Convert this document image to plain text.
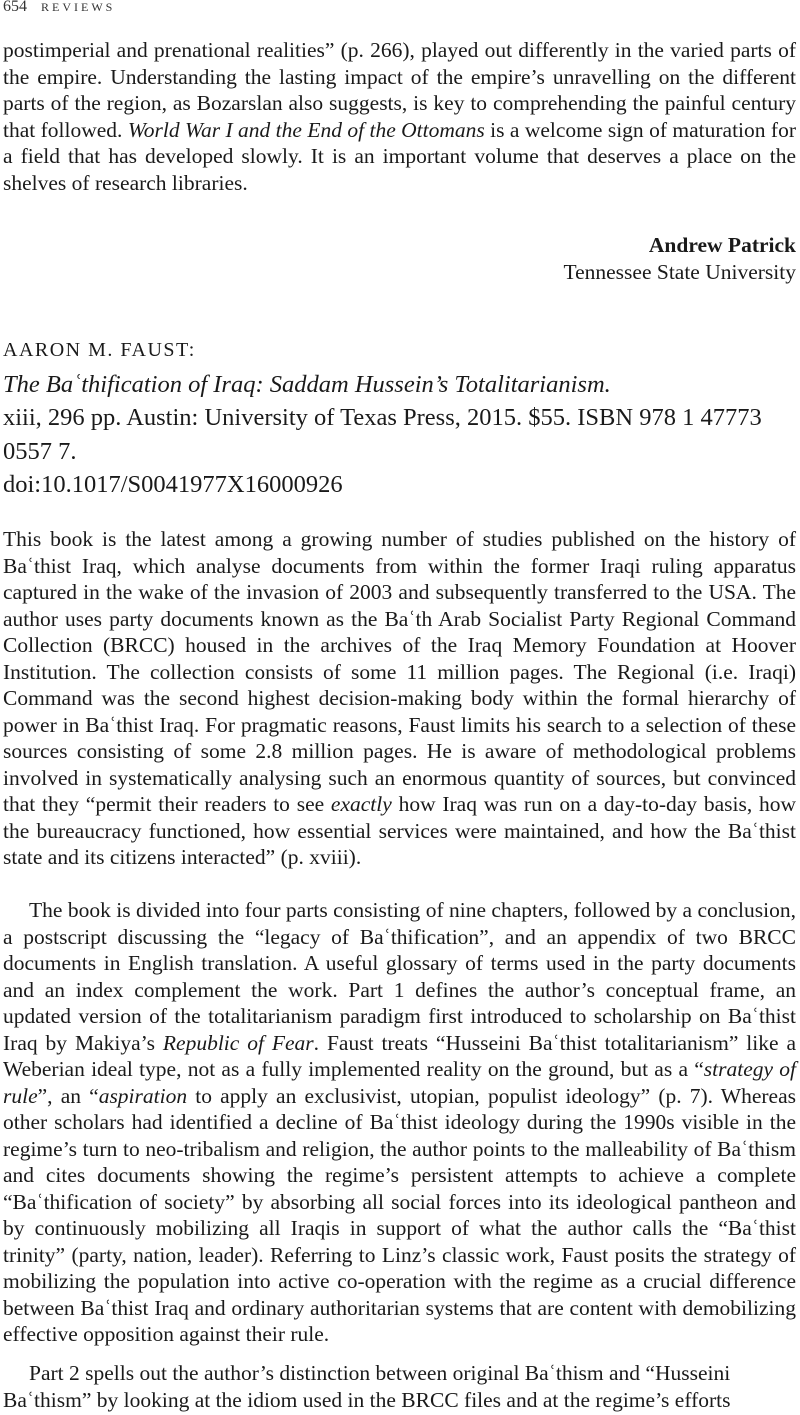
654 REVIEWS

postimperial and prenational realities” (p. 266), played out differently in the varied parts of the empire. Understanding the lasting impact of the empire’s unravelling on the different parts of the region, as Bozarslan also suggests, is key to comprehending the painful century that followed. World War I and the End of the Ottomans is a welcome sign of maturation for a field that has developed slowly. It is an important volume that deserves a place on the shelves of research libraries.

Andrew Patrick
Tennessee State University
AARON M. FAUST:
The Baʿthification of Iraq: Saddam Hussein’s Totalitarianism.
xiii, 296 pp. Austin: University of Texas Press, 2015. $55. ISBN 978 1 47773 0557 7.
doi:10.1017/S0041977X16000926

This book is the latest among a growing number of studies published on the history of Baʿthist Iraq, which analyse documents from within the former Iraqi ruling apparatus captured in the wake of the invasion of 2003 and subsequently transferred to the USA. The author uses party documents known as the Baʿth Arab Socialist Party Regional Command Collection (BRCC) housed in the archives of the Iraq Memory Foundation at Hoover Institution. The collection consists of some 11 million pages. The Regional (i.e. Iraqi) Command was the second highest decision-making body within the formal hierarchy of power in Baʿthist Iraq. For pragmatic reasons, Faust limits his search to a selection of these sources consisting of some 2.8 million pages. He is aware of methodological problems involved in systematically analysing such an enormous quantity of sources, but convinced that they “permit their readers to see exactly how Iraq was run on a day-to-day basis, how the bureaucracy functioned, how essential services were maintained, and how the Baʿthist state and its citizens interacted” (p. xviii).

The book is divided into four parts consisting of nine chapters, followed by a conclusion, a postscript discussing the “legacy of Baʿthification”, and an appendix of two BRCC documents in English translation. A useful glossary of terms used in the party documents and an index complement the work. Part 1 defines the author’s conceptual frame, an updated version of the totalitarianism paradigm first introduced to scholarship on Baʿthist Iraq by Makiya’s Republic of Fear. Faust treats “Husseini Baʿthist totalitarianism” like a Weberian ideal type, not as a fully implemented reality on the ground, but as a “strategy of rule”, an “aspiration to apply an exclusivist, utopian, populist ideology” (p. 7). Whereas other scholars had identified a decline of Baʿthist ideology during the 1990s visible in the regime’s turn to neo-tribalism and religion, the author points to the malleability of Baʿthism and cites documents showing the regime’s persistent attempts to achieve a complete “Baʿthification of society” by absorbing all social forces into its ideological pantheon and by continuously mobilizing all Iraqis in support of what the author calls the “Baʿthist trinity” (party, nation, leader). Referring to Linz’s classic work, Faust posits the strategy of mobilizing the population into active co-operation with the regime as a crucial difference between Baʿthist Iraq and ordinary authoritarian systems that are content with demobilizing effective opposition against their rule.

Part 2 spells out the author’s distinction between original Baʿthism and “Husseini Baʿthism” by looking at the idiom used in the BRCC files and at the regime’s efforts
